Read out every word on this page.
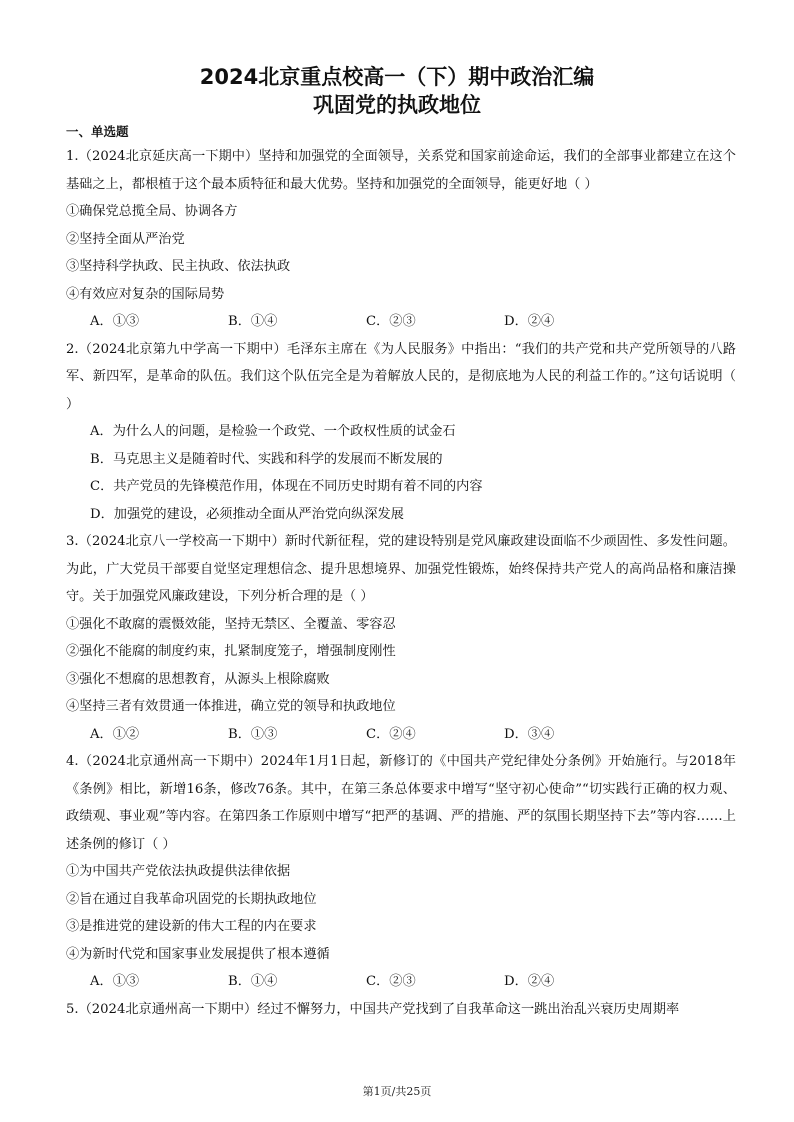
2024北京重点校高一（下）期中政治汇编
巩固党的执政地位

一、单选题

1.（2024北京延庆高一下期中）坚持和加强党的全面领导，关系党和国家前途命运，我们的全部事业都建立在这个基础之上，都根植于这个最本质特征和最大优势。坚持和加强党的全面领导，能更好地（ ）

①确保党总揽全局、协调各方

②坚持全面从严治党

③坚持科学执政、民主执政、依法执政

④有效应对复杂的国际局势

A．①③	B．①④	C．②③	D．②④

2.（2024北京第九中学高一下期中）毛泽东主席在《为人民服务》中指出：“我们的共产党和共产党所领导的八路军、新四军，是革命的队伍。我们这个队伍完全是为着解放人民的，是彻底地为人民的利益工作的。”这句话说明（ ）

A．为什么人的问题，是检验一个政党、一个政权性质的试金石

B．马克思主义是随着时代、实践和科学的发展而不断发展的

C．共产党员的先锋模范作用，体现在不同历史时期有着不同的内容

D．加强党的建设，必须推动全面从严治党向纵深发展

3.（2024北京八一学校高一下期中）新时代新征程，党的建设特别是党风廉政建设面临不少顽固性、多发性问题。为此，广大党员干部要自觉坚定理想信念、提升思想境界、加强党性锻炼，始终保持共产党人的高尚品格和廉洁操守。关于加强党风廉政建设，下列分析合理的是（ ）

①强化不敢腐的震慑效能，坚持无禁区、全覆盖、零容忍

②强化不能腐的制度约束，扎紧制度笼子，增强制度刚性

③强化不想腐的思想教育，从源头上根除腐败

④坚持三者有效贯通一体推进，确立党的领导和执政地位

A．①②	B．①③	C．②④	D．③④

4.（2024北京通州高一下期中）2024年1月1日起，新修订的《中国共产党纪律处分条例》开始施行。与2018年《条例》相比，新增16条，修改76条。其中，在第三条总体要求中增写“坚守初心使命”“切实践行正确的权力观、政绩观、事业观”等内容。在第四条工作原则中增写“把严的基调、严的措施、严的氛围长期坚持下去”等内容……上述条例的修订（ ）

①为中国共产党依法执政提供法律依据

②旨在通过自我革命巩固党的长期执政地位

③是推进党的建设新的伟大工程的内在要求

④为新时代党和国家事业发展提供了根本遵循

A．①③	B．①④	C．②③	D．②④

5.（2024北京通州高一下期中）经过不懈努力，中国共产党找到了自我革命这一跳出治乱兴衰历史周期率

第1页/共25页
